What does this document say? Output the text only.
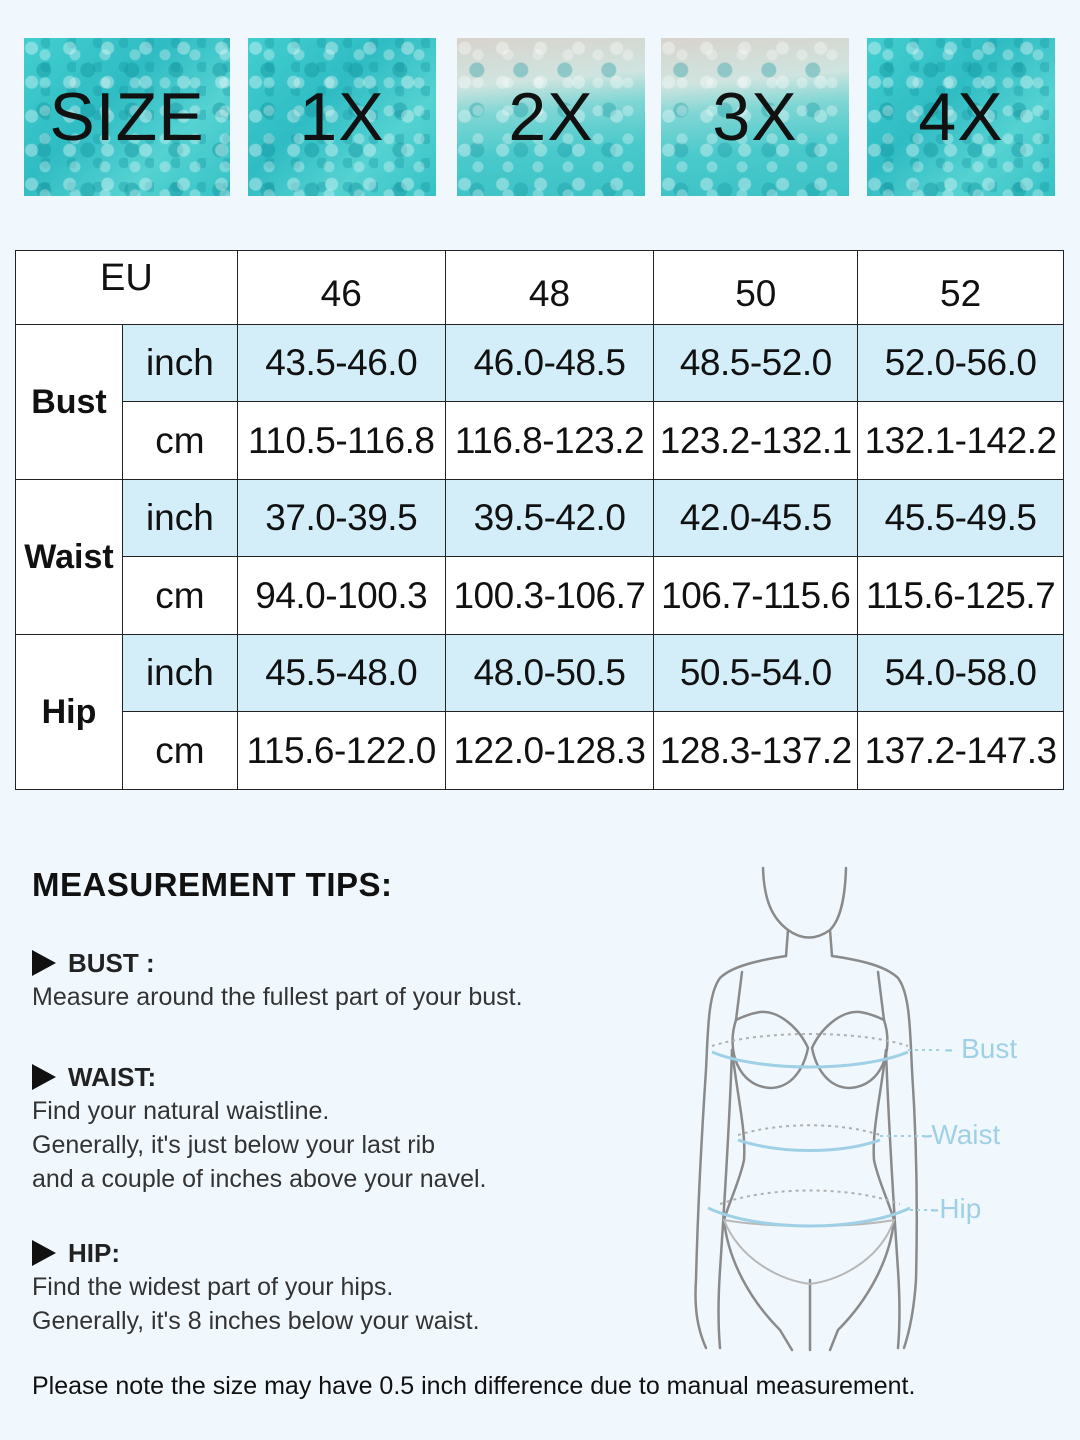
SIZE 1X 2X 3X 4X
EU		46	48	50	52
Bust	inch	43.5-46.0	46.0-48.5	48.5-52.0	52.0-56.0
	cm	110.5-116.8	116.8-123.2	123.2-132.1	132.1-142.2
Waist	inch	37.0-39.5	39.5-42.0	42.0-45.5	45.5-49.5
	cm	94.0-100.3	100.3-106.7	106.7-115.6	115.6-125.7
Hip	inch	45.5-48.0	48.0-50.5	50.5-54.0	54.0-58.0
	cm	115.6-122.0	122.0-128.3	128.3-137.2	137.2-147.3
MEASUREMENT TIPS:
BUST :
Measure around the fullest part of your bust.
WAIST:
Find your natural waistline.
Generally, it's just below your last rib
and a couple of inches above your navel.
HIP:
Find the widest part of your hips.
Generally, it's 8 inches below your waist.
- Bust
-Waist
-Hip
Please note the size may have 0.5 inch difference due to manual measurement.
